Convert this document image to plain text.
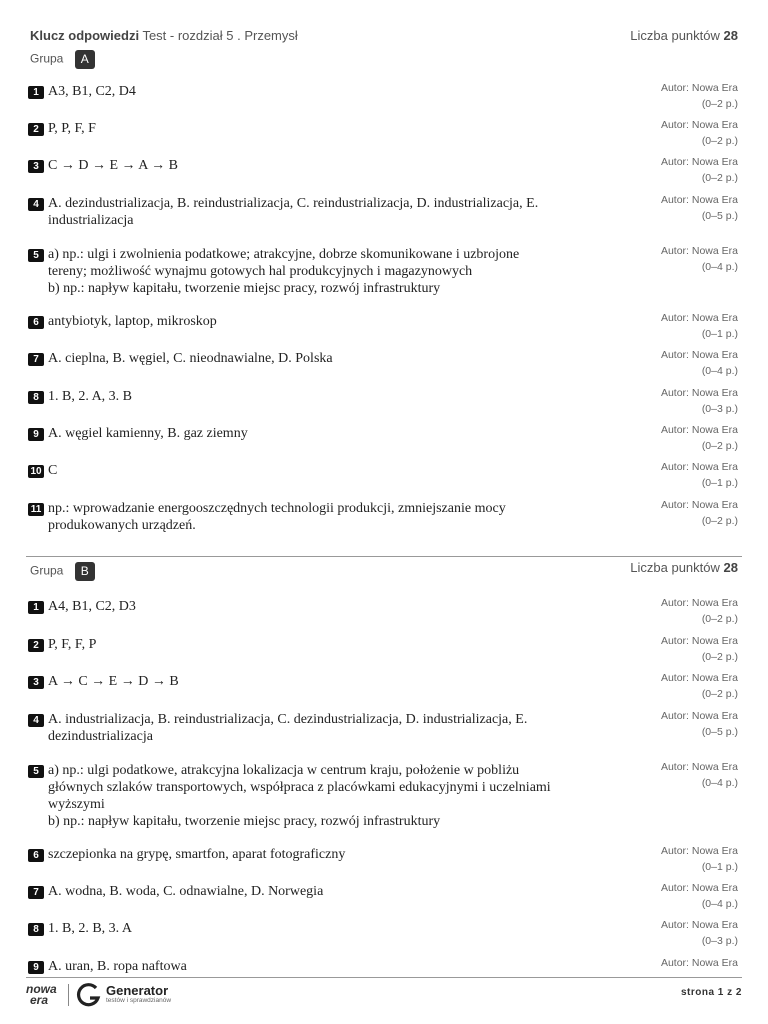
Klucz odpowiedzi Test - rozdział 5 . Przemysł	Liczba punktów 28
Grupa A
1 A3, B1, C2, D4	Autor: Nowa Era
(0–2 p.)
2 P, P, F, F	Autor: Nowa Era
(0–2 p.)
3 C → D → E → A → B	Autor: Nowa Era
(0–2 p.)
4 A. dezindustrializacja, B. reindustrializacja, C. reindustrializacja, D. industrializacja, E.
industrializacja
Autor: Nowa Era
(0–5 p.)
5 a) np.: ulgi i zwolnienia podatkowe; atrakcyjne, dobrze skomunikowane i uzbrojone
tereny; możliwość wynajmu gotowych hal produkcyjnych i magazynowych
b) np.: napływ kapitału, tworzenie miejsc pracy, rozwój infrastruktury
Autor: Nowa Era
(0–4 p.)
6 antybiotyk, laptop, mikroskop	Autor: Nowa Era
(0–1 p.)
7 A. cieplna, B. węgiel, C. nieodnawialne, D. Polska	Autor: Nowa Era
(0–4 p.)
8 1. B, 2. A, 3. B	Autor: Nowa Era
(0–3 p.)
9 A. węgiel kamienny, B. gaz ziemny	Autor: Nowa Era
(0–2 p.)
10 C	Autor: Nowa Era
(0–1 p.)
11 np.: wprowadzanie energooszczędnych technologii produkcji, zmniejszanie mocy
produkowanych urządzeń.
Autor: Nowa Era
(0–2 p.)
Grupa B	Liczba punktów 28
1 A4, B1, C2, D3	Autor: Nowa Era
(0–2 p.)
2 P, F, F, P	Autor: Nowa Era
(0–2 p.)
3 A → C → E → D → B	Autor: Nowa Era
(0–2 p.)
4 A. industrializacja, B. reindustrializacja, C. dezindustrializacja, D. industrializacja, E.
dezindustrializacja
Autor: Nowa Era
(0–5 p.)
5 a) np.: ulgi podatkowe, atrakcyjna lokalizacja w centrum kraju, położenie w pobliżu
głównych szlaków transportowych, współpraca z placówkami edukacyjnymi i uczelniami
wyższymi
b) np.: napływ kapitału, tworzenie miejsc pracy, rozwój infrastruktury
Autor: Nowa Era
(0–4 p.)
6 szczepionka na grypę, smartfon, aparat fotograficzny	Autor: Nowa Era
(0–1 p.)
7 A. wodna, B. woda, C. odnawialne, D. Norwegia	Autor: Nowa Era
(0–4 p.)
8 1. B, 2. B, 3. A	Autor: Nowa Era
(0–3 p.)
9 A. uran, B. ropa naftowa	Autor: Nowa Era
nowa
era
Generator
testów i sprawdzianów
strona 1 z 2
